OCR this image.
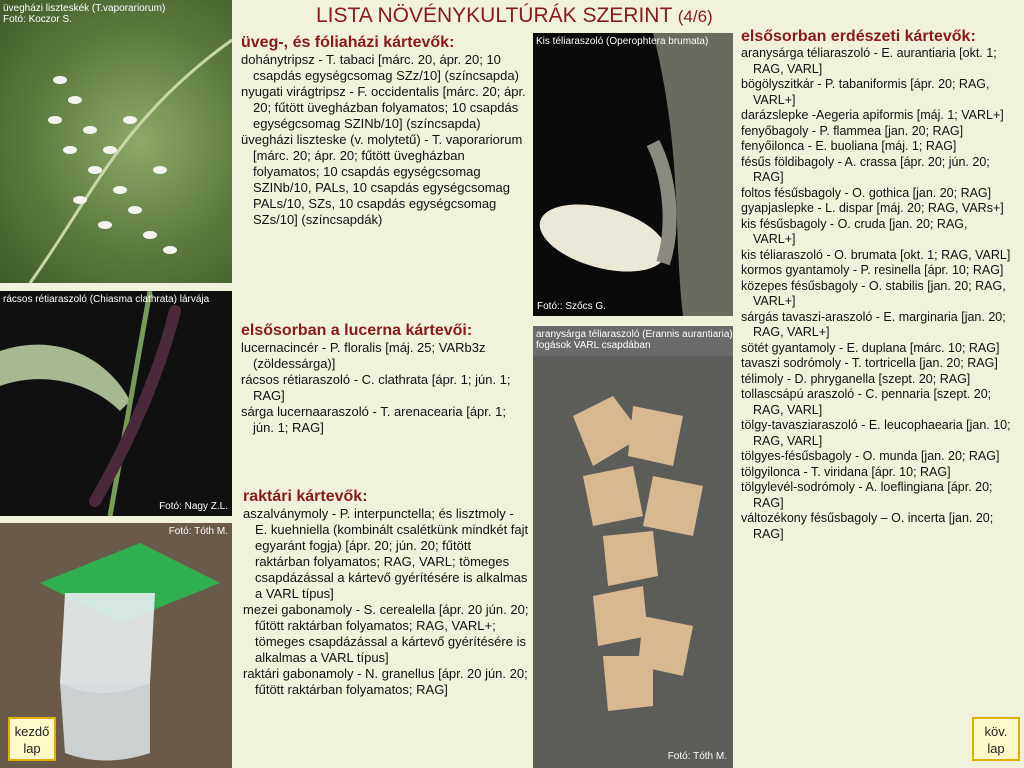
üvegházi liszteskék (T.vaporariorum)
Fotó: Koczor S.
rácsos rétiaraszoló (Chiasma clathrata) lárvája
Fotó: Nagy Z.L.
Fotó: Tóth M.
Kis téliaraszoló (Operophtera brumata)
Fotó:: Szőcs G.
aranysárga téliaraszoló (Erannis aurantiaria) fogások VARL csapdában
Fotó: Tóth M.
LISTA NÖVÉNYKULTÚRÁK SZERINT (4/6)
üveg-, és fóliaházi kártevők:

dohánytripsz - T. tabaci [márc. 20, ápr. 20; 10 csapdás egységcsomag SZz/10] (színcsapda)

nyugati virágtripsz - F. occidentalis [márc. 20; ápr. 20; fűtött üvegházban folyamatos; 10 csapdás egységcsomag SZINb/10] (színcsapda)

üvegházi liszteske (v. molytetű) - T. vaporariorum [márc. 20; ápr. 20; fűtött üvegházban folyamatos; 10 csapdás egységcsomag SZINb/10, PALs, 10 csapdás egységcsomag PALs/10, SZs, 10 csapdás egységcsomag SZs/10] (színcsapdák)

elsősorban a lucerna kártevői:

lucernacincér - P. floralis [máj. 25; VARb3z (zöldessárga)]

rácsos rétiaraszoló - C. clathrata [ápr. 1; jún. 1; RAG]

sárga lucernaaraszoló - T. arenacearia [ápr. 1; jún. 1; RAG]

raktári kártevők:

aszalványmoly - P. interpunctella; és lisztmoly - E. kuehniella (kombinált csalétkünk mindkét fajt egyaránt fogja) [ápr. 20; jún. 20; fűtött raktárban folyamatos; RAG, VARL; tömeges csapdázással a kártevő gyérítésére is alkalmas a VARL típus]

mezei gabonamoly - S. cerealella [ápr. 20 jún. 20; fűtött raktárban folyamatos; RAG, VARL+; tömeges csapdázással a kártevő gyérítésére is alkalmas a VARL típus]

raktári gabonamoly - N. granellus [ápr. 20 jún. 20; fűtött raktárban folyamatos; RAG]

elsősorban erdészeti kártevők:

aranysárga téliaraszoló - E. aurantiaria [okt. 1; RAG, VARL]

bögölyszitkár - P. tabaniformis [ápr. 20; RAG, VARL+]

darázslepke -Aegeria apiformis [máj. 1; VARL+]

fenyőbagoly - P. flammea [jan. 20; RAG]

fenyőilonca - E. buoliana [máj. 1; RAG]

fésűs földibagoly - A. crassa [ápr. 20; jún. 20; RAG]

foltos fésűsbagoly - O. gothica [jan. 20; RAG]

gyapjaslepke - L. dispar [máj. 20; RAG, VARs+]

kis fésűsbagoly - O. cruda [jan. 20; RAG, VARL+]

kis téliaraszoló - O. brumata [okt. 1; RAG, VARL]

kormos gyantamoly - P. resinella [ápr. 10; RAG]

közepes fésűsbagoly - O. stabilis [jan. 20; RAG, VARL+]

sárgás tavaszi-araszoló - E. marginaria [jan. 20; RAG, VARL+]

sötét gyantamoly - E. duplana [márc. 10; RAG]

tavaszi sodrómoly - T. tortricella [jan. 20; RAG]

télimoly - D. phryganella [szept. 20; RAG]

tollascsápú araszoló - C. pennaria [szept. 20; RAG, VARL]

tölgy-tavasziaraszoló - E. leucophaearia [jan. 10; RAG, VARL]

tölgyes-fésűsbagoly - O. munda [jan. 20; RAG]

tölgyilonca - T. viridana [ápr. 10; RAG]

tölgylevél-sodrómoly - A. loeflingiana [ápr. 20; RAG]

változékony fésűsbagoly – O. incerta [jan. 20; RAG]

kezdő
lap
köv.
lap
